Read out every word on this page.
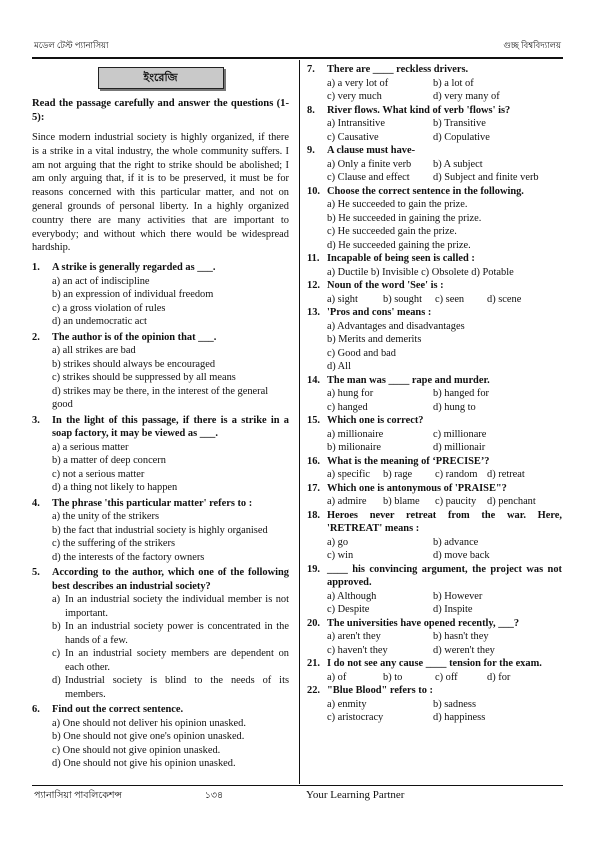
মডেল টেস্ট প্যানাসিয়া	গুচ্ছ বিশ্ববিদ্যালয়
ইংরেজি
Read the passage carefully and answer the questions (1-5):
Since modern industrial society is highly organized, if there is a strike in a vital industry, the whole community suffers. I am not arguing that the right to strike should be abolished; I am only arguing that, if it is to be preserved, it must be for reasons concerned with this particular matter, and not on general grounds of personal liberty. In a highly organized country there are many activities that are important to everybody; and without which there would be widespread hardship.
1.	A strike is generally regarded as ___.
a) an act of indiscipline
b) an expression of individual freedom
c) a gross violation of rules
d) an undemocratic act
2.	The author is of the opinion that ___.
a) all strikes are bad
b) strikes should always be encouraged
c) strikes should be suppressed by all means
d) strikes may be there, in the interest of the general good
3.	In the light of this passage, if there is a strike in a soap factory, it may be viewed as ___.
a) a serious matter
b) a matter of deep concern
c) not a serious matter
d) a thing not likely to happen
4.	The phrase 'this particular matter' refers to :
a) the unity of the strikers
b) the fact that industrial society is highly organised
c) the suffering of the strikers
d) the interests of the factory owners
5.	According to the author, which one of the following best describes an industrial society?
a) In an industrial society the individual member is not important.
b) In an industrial society power is concentrated in the hands of a few.
c) In an industrial society members are dependent on each other.
d) Industrial society is blind to the needs of its members.
6.	Find out the correct sentence.
a) One should not deliver his opinion unasked.
b) One should not give one's opinion unasked.
c) One should not give opinion unasked.
d) One should not give his opinion unasked.
7.	There are ____ reckless drivers.
a) a very lot of	b) a lot of
c) very much	d) very many of
8.	River flows. What kind of verb 'flows' is?
a) Intransitive	b) Transitive
c) Causative	d) Copulative
9.	A clause must have-
a) Only a finite verb	b) A subject
c) Clause and effect	d) Subject and finite verb
10. Choose the correct sentence in the following.
a) He succeeded to gain the prize.
b) He succeeded in gaining the prize.
c) He succeeded gain the prize.
d) He succeeded gaining the prize.
11. Incapable of being seen is called :
a) Ductile b) Invisible c) Obsolete d) Potable
12. Noun of the word 'See' is :
a) sight	b) sought	c) seen	d) scene
13. 'Pros and cons' means :
a) Advantages and disadvantages
b) Merits and demerits
c) Good and bad
d) All
14. The man was ____ rape and murder.
a) hung for	b) hanged for
c) hanged	d) hung to
15. Which one is correct?
a) millionaire	c) millionare
b) milionaire	d) millionair
16. What is the meaning of ‘PRECISE’?
a) specific	b) rage	c) random d) retreat
17. Which one is antonymous of 'PRAISE"?
a) admire	b) blame	c) paucity	d) penchant
18. Heroes never retreat from the war. Here, 'RETREAT' means :
a) go	b) advance
c) win	d) move back
19. ____ his convincing argument, the project was not approved.
a) Although	b) However
c) Despite	d) Inspite
20. The universities have opened recently, ___?
a) aren't they	b) hasn't they
c) haven't they	d) weren't they
21. I do not see any cause ____ tension for the exam.
a) of	b) to	c) off	d) for
22. "Blue Blood" refers to :
a) enmity	b) sadness
c) aristocracy	d) happiness
প্যানাসিয়া পাবলিকেশন্স	১৩৪	Your Learning Partner
